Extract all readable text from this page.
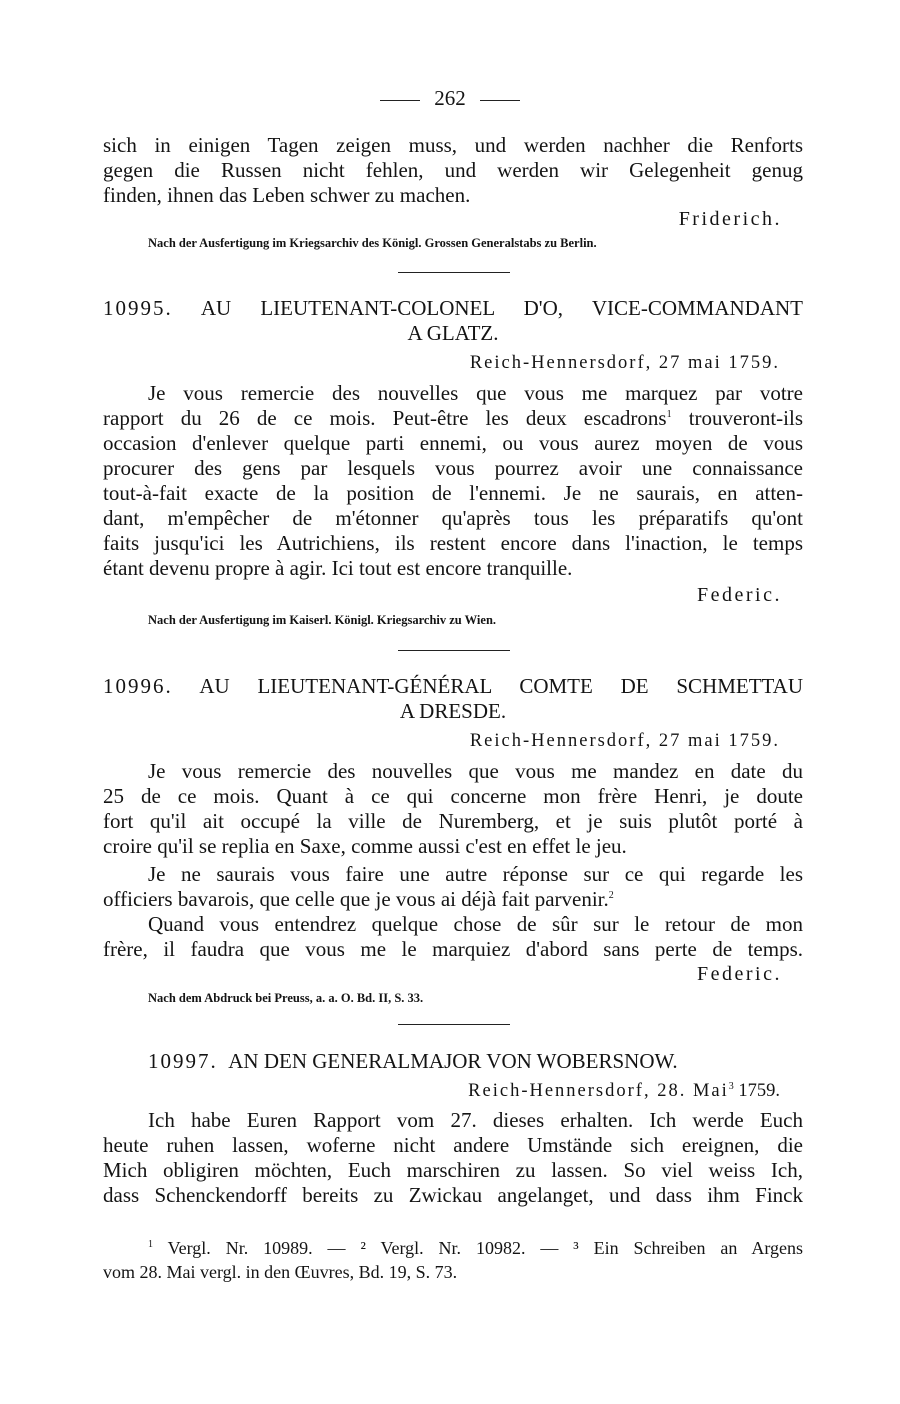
262
sich in einigen Tagen zeigen muss, und werden nachher die Renforts
gegen die Russen nicht fehlen, und werden wir Gelegenheit genug
finden, ihnen das Leben schwer zu machen.
Friderich.
Nach der Ausfertigung im Kriegsarchiv des Königl. Grossen Generalstabs zu Berlin.
10995. AU LIEUTENANT-COLONEL D'O, VICE-COMMANDANT
A GLATZ.
Reich-Hennersdorf, 27 mai 1759.
Je vous remercie des nouvelles que vous me marquez par votre
rapport du 26 de ce mois. Peut-être les deux escadrons$^1$ trouveront-ils
occasion d'enlever quelque parti ennemi, ou vous aurez moyen de vous
procurer des gens par lesquels vous pourrez avoir une connaissance
tout-à-fait exacte de la position de l'ennemi. Je ne saurais, en atten-
dant, m'empêcher de m'étonner qu'après tous les préparatifs qu'ont
faits jusqu'ici les Autrichiens, ils restent encore dans l'inaction, le temps
étant devenu propre à agir. Ici tout est encore tranquille.
Federic.
Nach der Ausfertigung im Kaiserl. Königl. Kriegsarchiv zu Wien.
10996. AU LIEUTENANT-GÉNÉRAL COMTE DE SCHMETTAU
A DRESDE.
Reich-Hennersdorf, 27 mai 1759.
Je vous remercie des nouvelles que vous me mandez en date du
25 de ce mois. Quant à ce qui concerne mon frère Henri, je doute
fort qu'il ait occupé la ville de Nuremberg, et je suis plutôt porté à
croire qu'il se replia en Saxe, comme aussi c'est en effet le jeu.
Je ne saurais vous faire une autre réponse sur ce qui regarde les
officiers bavarois, que celle que je vous ai déjà fait parvenir.$^2$
Quand vous entendrez quelque chose de sûr sur le retour de mon
frère, il faudra que vous me le marquiez d'abord sans perte de temps.
Federic.
Nach dem Abdruck bei Preuss, a. a. O. Bd. II, S. 33.
10997. AN DEN GENERALMAJOR VON WOBERSNOW.
Reich-Hennersdorf, 28. Mai$^3$ 1759.
Ich habe Euren Rapport vom 27. dieses erhalten. Ich werde Euch
heute ruhen lassen, woferne nicht andere Umstände sich ereignen, die
Mich obligiren möchten, Euch marschiren zu lassen. So viel weiss Ich,
dass Schenckendorff bereits zu Zwickau angelanget, und dass ihm Finck
$^1$ Vergl. Nr. 10989. — ² Vergl. Nr. 10982. — ³ Ein Schreiben an Argens
vom 28. Mai vergl. in den Œuvres, Bd. 19, S. 73.
